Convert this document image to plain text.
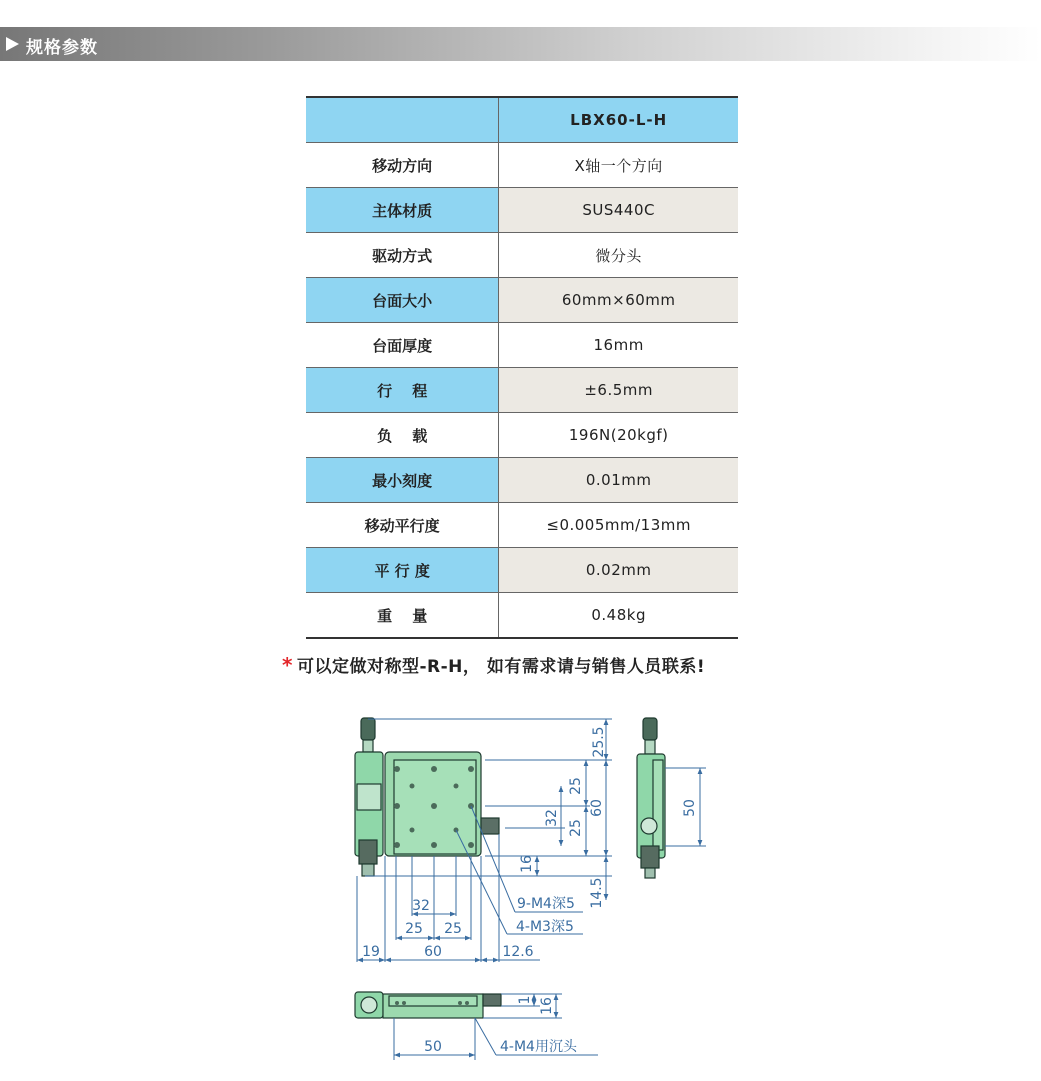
规格参数
	LBX60-L-H
移动方向	X轴一个方向
主体材质	SUS440C
驱动方式	微分头
台面大小	60mm×60mm
台面厚度	16mm
行　 程	±6.5mm
负　 载	196N(20kgf)
最小刻度	0.01mm
移动平行度	≤0.005mm/13mm
平 行 度	0.02mm
重　 量	0.48kg
* 可以定做对称型-R-H， 如有需求请与销售人员联系!
25.5
25
60
32
25
16
14.5
50
32
25 25
19	60	12.6
1 16
50
9-M4深5
4-M3深5
4-M4用沉头
